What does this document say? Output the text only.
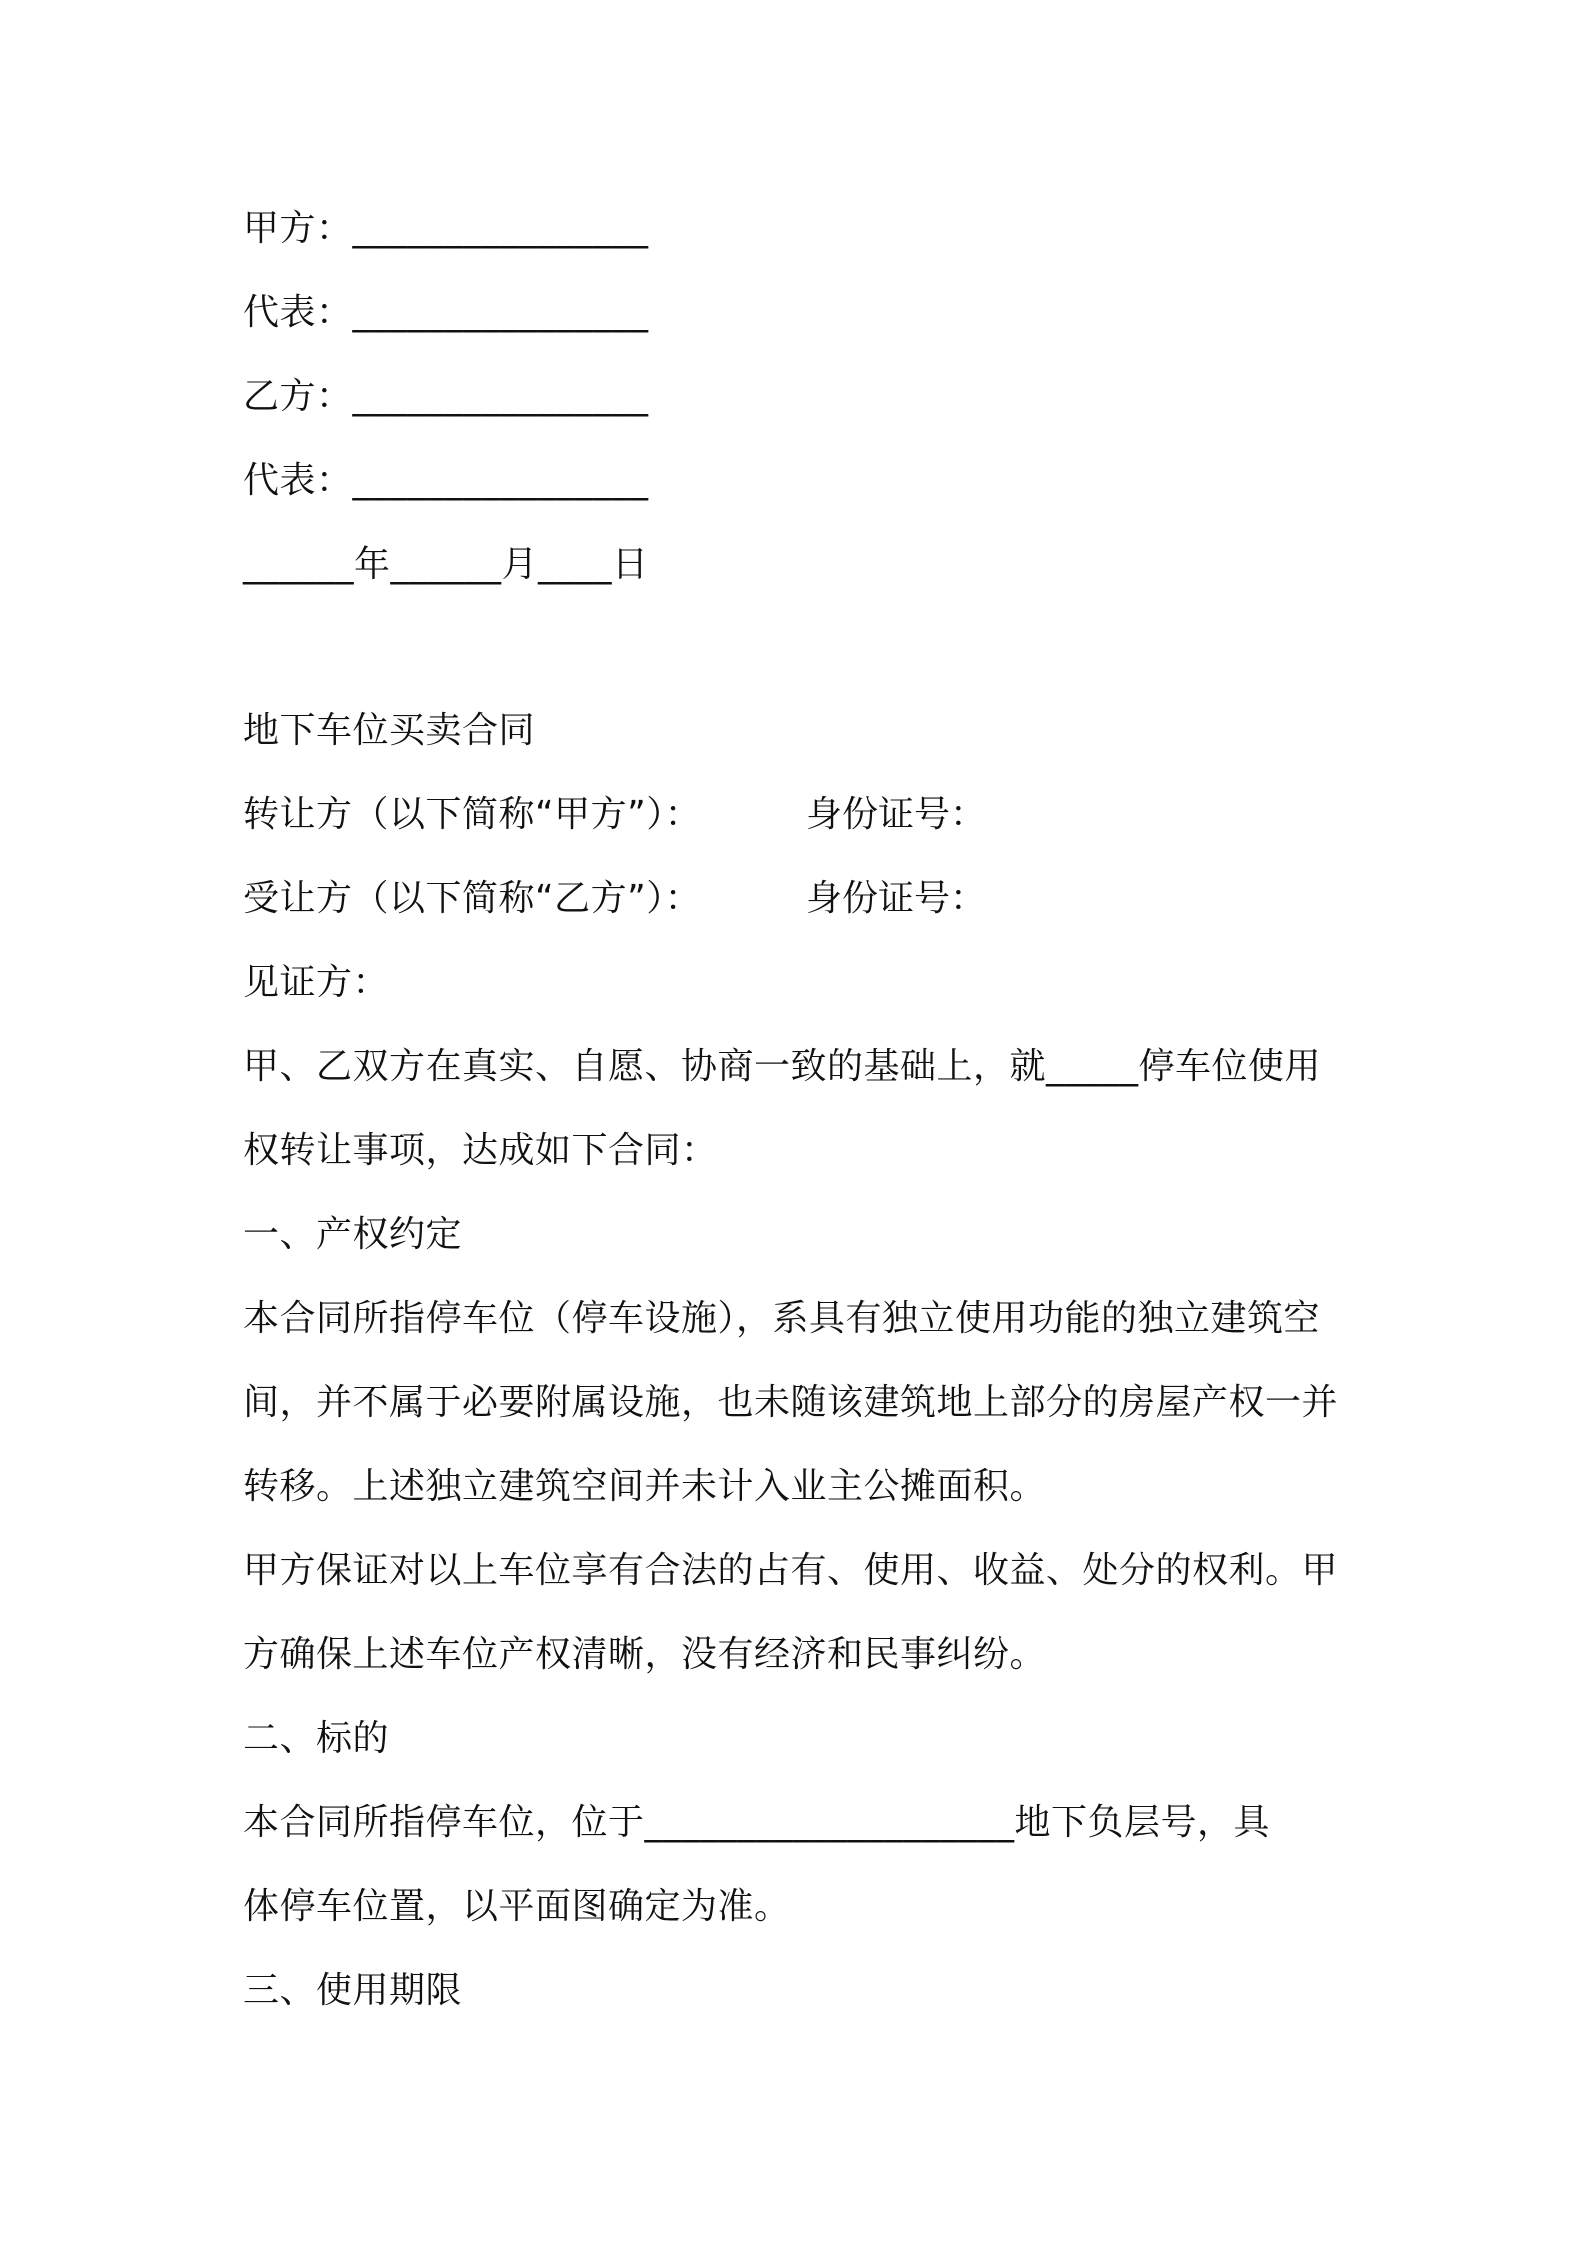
甲方：________________
代表：________________
乙方：________________
代表：________________
______年______月____日
地下车位买卖合同
转让方（以下简称“甲方”）：	身份证号：
受让方（以下简称“乙方”）：	身份证号：
见证方：
甲、乙双方在真实、自愿、协商一致的基础上，就_____停车位使用
权转让事项，达成如下合同：
一、产权约定
本合同所指停车位（停车设施），系具有独立使用功能的独立建筑空
间，并不属于必要附属设施，也未随该建筑地上部分的房屋产权一并
转移。上述独立建筑空间并未计入业主公摊面积。
甲方保证对以上车位享有合法的占有、使用、收益、处分的权利。甲
方确保上述车位产权清晰，没有经济和民事纠纷。
二、标的
本合同所指停车位，位于____________________地下负层号，具
体停车位置，以平面图确定为准。
三、使用期限
